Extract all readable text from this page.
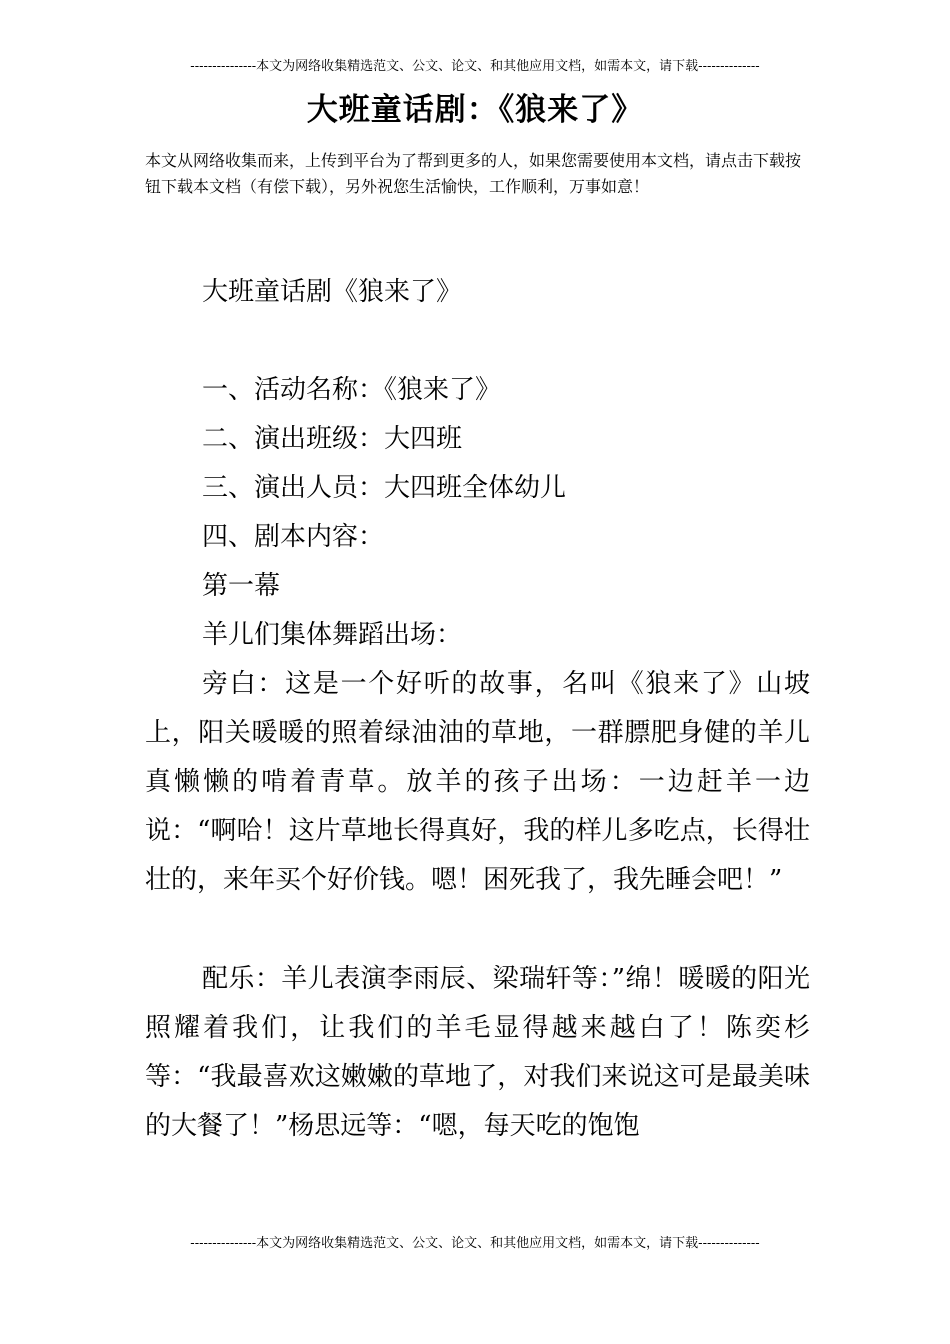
---------------本文为网络收集精选范文、公文、论文、和其他应用文档，如需本文，请下载--------------
大班童话剧：《狼来了》
本文从网络收集而来，上传到平台为了帮到更多的人，如果您需要使用本文档，请点击下载按钮下载本文档（有偿下载），另外祝您生活愉快，工作顺利，万事如意！
大班童话剧《狼来了》
一、活动名称：《狼来了》
二、演出班级：大四班
三、演出人员：大四班全体幼儿
四、剧本内容：
第一幕
羊儿们集体舞蹈出场：
旁白：这是一个好听的故事，名叫《狼来了》山坡上，阳关暖暖的照着绿油油的草地，一群膘肥身健的羊儿真懒懒的啃着青草。放羊的孩子出场：一边赶羊一边说：“啊哈！这片草地长得真好，我的样儿多吃点，长得壮壮的，来年买个好价钱。嗯！困死我了，我先睡会吧！”
配乐：羊儿表演李雨辰、梁瑞轩等：”绵！暖暖的阳光照耀着我们，让我们的羊毛显得越来越白了！陈奕杉等：“我最喜欢这嫩嫩的草地了，对我们来说这可是最美味的大餐了！”杨思远等：“嗯，每天吃的饱饱
---------------本文为网络收集精选范文、公文、论文、和其他应用文档，如需本文，请下载--------------
